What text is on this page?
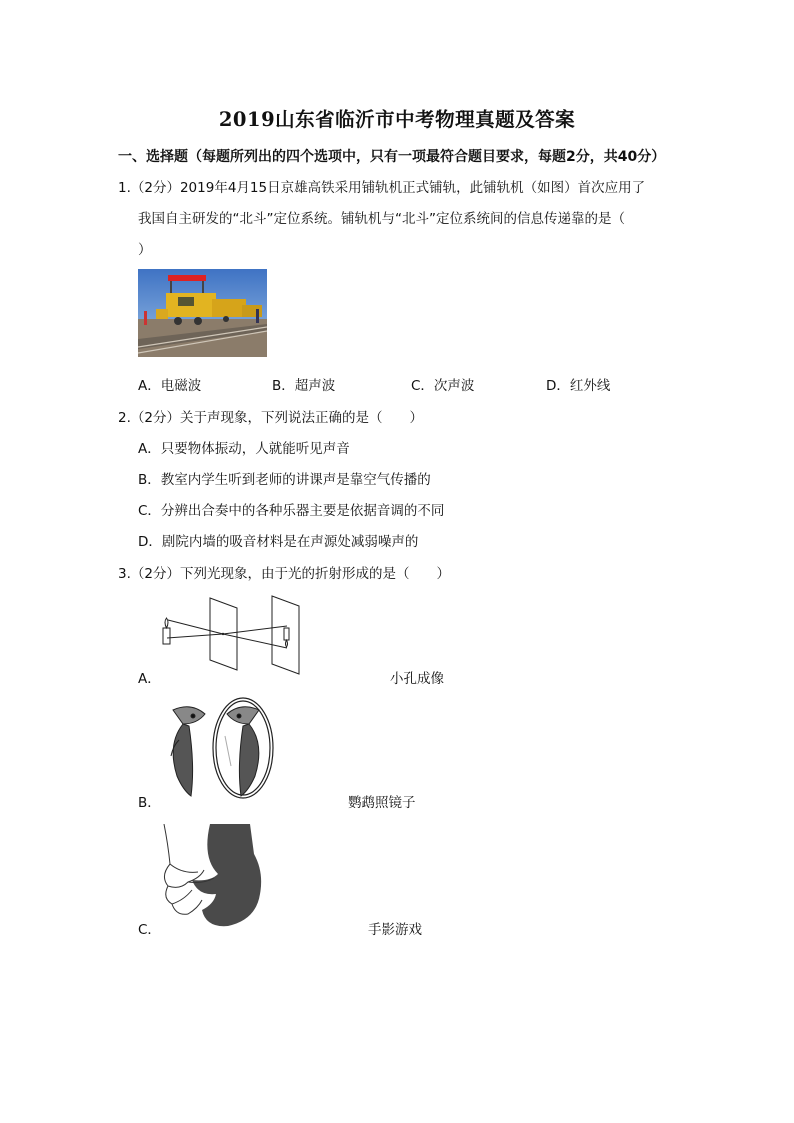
2019山东省临沂市中考物理真题及答案
一、选择题（每题所列出的四个选项中，只有一项最符合题目要求，每题2分，共40分）
1.（2分）2019年4月15日京雄高铁采用铺轨机正式铺轨，此铺轨机（如图）首次应用了
我国自主研发的“北斗”定位系统。铺轨机与“北斗”定位系统间的信息传递靠的是（
）
A．电磁波	B．超声波	C．次声波	D．红外线
2.（2分）关于声现象，下列说法正确的是（　　）
A．只要物体振动，人就能听见声音
B．教室内学生听到老师的讲课声是靠空气传播的
C．分辨出合奏中的各种乐器主要是依据音调的不同
D．剧院内墙的吸音材料是在声源处减弱噪声的
3.（2分）下列光现象，由于光的折射形成的是（　　）
A．	小孔成像
B．	鹦鹉照镜子
C．	手影游戏
